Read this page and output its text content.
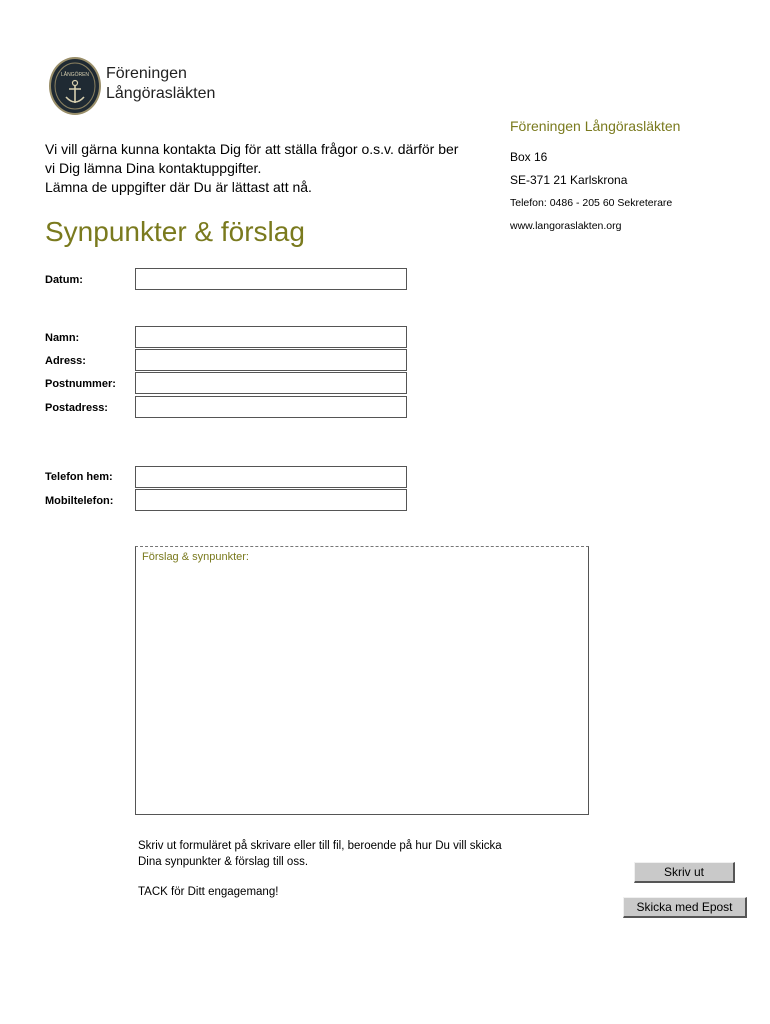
LÅNGÖREN Föreningen
Långörasläkten
Vi vill gärna kunna kontakta Dig för att ställa frågor o.s.v. därför ber
vi Dig lämna Dina kontaktuppgifter.
Lämna de uppgifter där Du är lättast att nå.
Synpunkter & förslag
Föreningen Långörasläkten
Box 16
SE-371 21 Karlskrona
Telefon: 0486 - 205 60 Sekreterare
www.langoraslakten.org
Datum:
Namn:
Adress:
Postnummer:
Postadress:
Telefon hem:
Mobiltelefon:
Förslag & synpunkter:
Skriv ut formuläret på skrivare eller till fil, beroende på hur Du vill skicka
Dina synpunkter & förslag till oss.
TACK för Ditt engagemang!
Skriv ut
Skicka med Epost
